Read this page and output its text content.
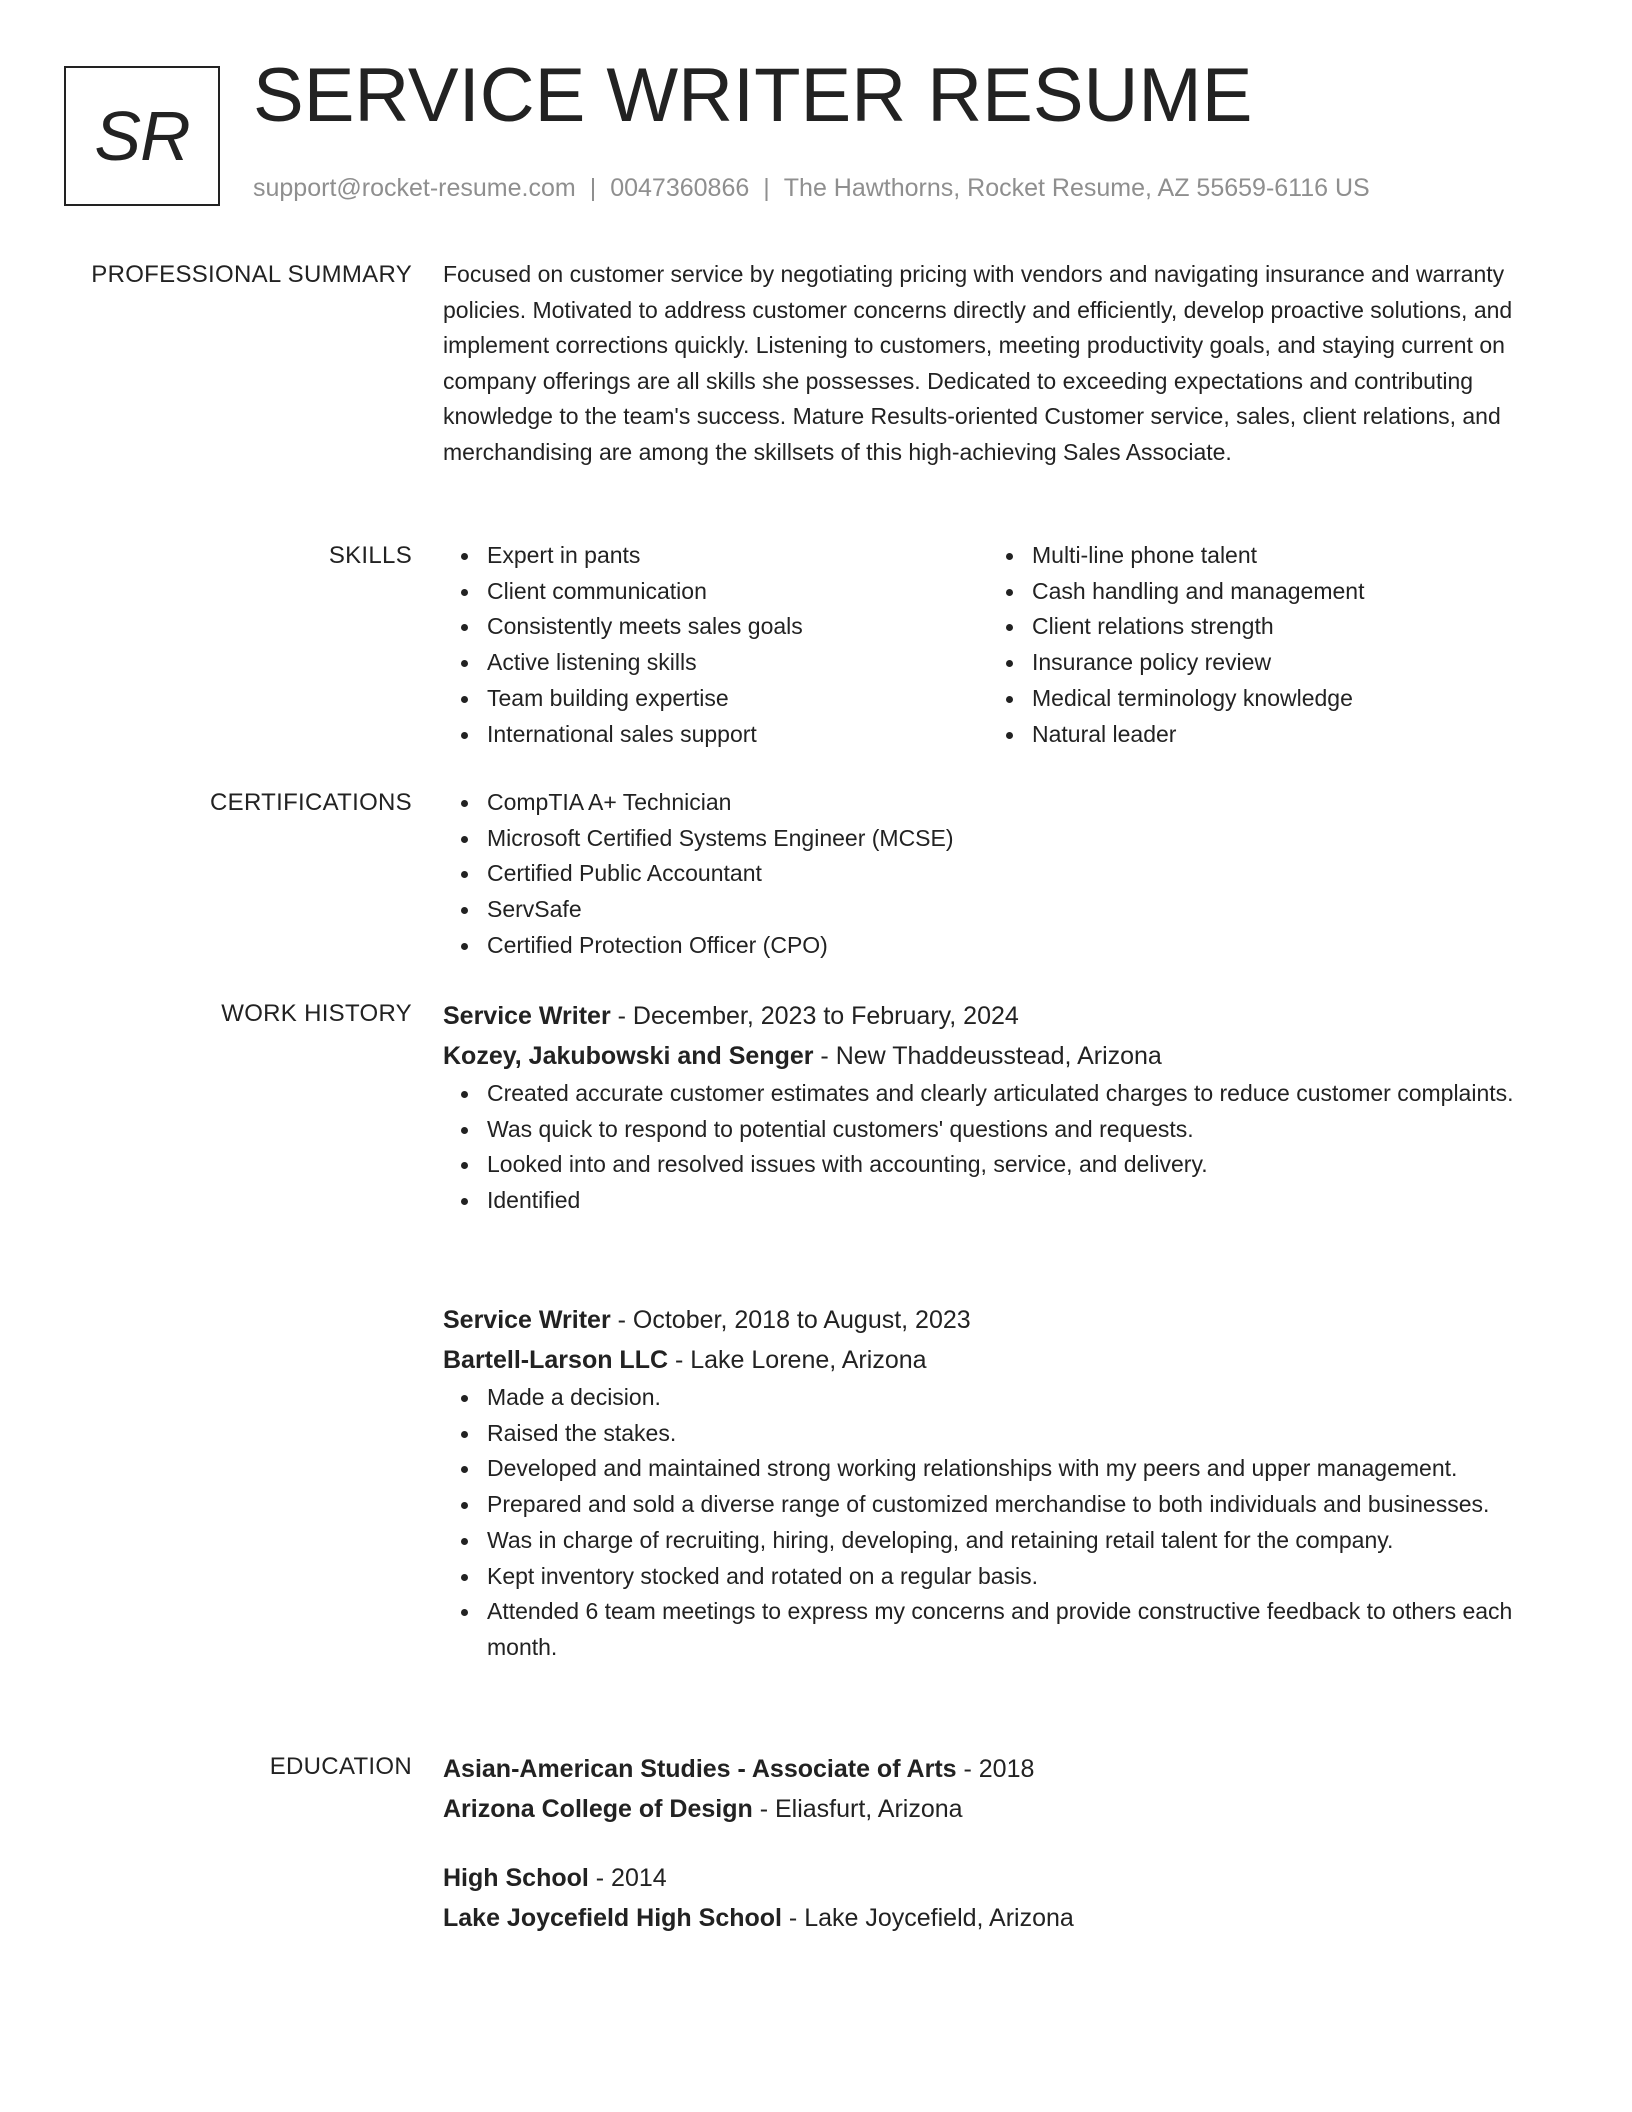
SR SERVICE WRITER RESUME
support@rocket-resume.com | 0047360866 | The Hawthorns, Rocket Resume, AZ 55659-6116 US
PROFESSIONAL SUMMARY Focused on customer service by negotiating pricing with vendors and navigating insurance and warranty policies. Motivated to address customer concerns directly and efficiently, develop proactive solutions, and implement corrections quickly. Listening to customers, meeting productivity goals, and staying current on company offerings are all skills she possesses. Dedicated to exceeding expectations and contributing knowledge to the team's success. Mature Results-oriented Customer service, sales, client relations, and merchandising are among the skillsets of this high-achieving Sales Associate.

SKILLS	Expert in pants
Client communication
Consistently meets sales goals
Active listening skills
Team building expertise
International sales support
Multi-line phone talent
Cash handling and management
Client relations strength
Insurance policy review
Medical terminology knowledge
Natural leader
CERTIFICATIONS	CompTIA A+ Technician
Microsoft Certified Systems Engineer (MCSE)
Certified Public Accountant
ServSafe
Certified Protection Officer (CPO)
WORK HISTORY Service Writer - December, 2023 to February, 2024
Kozey, Jakubowski and Senger - New Thaddeusstead, Arizona
Created accurate customer estimates and clearly articulated charges to reduce customer complaints.
Was quick to respond to potential customers' questions and requests.
Looked into and resolved issues with accounting, service, and delivery.
Identified
Service Writer - October, 2018 to August, 2023
Bartell-Larson LLC - Lake Lorene, Arizona
Made a decision.
Raised the stakes.
Developed and maintained strong working relationships with my peers and upper management.
Prepared and sold a diverse range of customized merchandise to both individuals and businesses.
Was in charge of recruiting, hiring, developing, and retaining retail talent for the company.
Kept inventory stocked and rotated on a regular basis.
Attended 6 team meetings to express my concerns and provide constructive feedback to others each month.
EDUCATION Asian-American Studies - Associate of Arts - 2018
Arizona College of Design - Eliasfurt, Arizona
High School - 2014
Lake Joycefield High School - Lake Joycefield, Arizona
